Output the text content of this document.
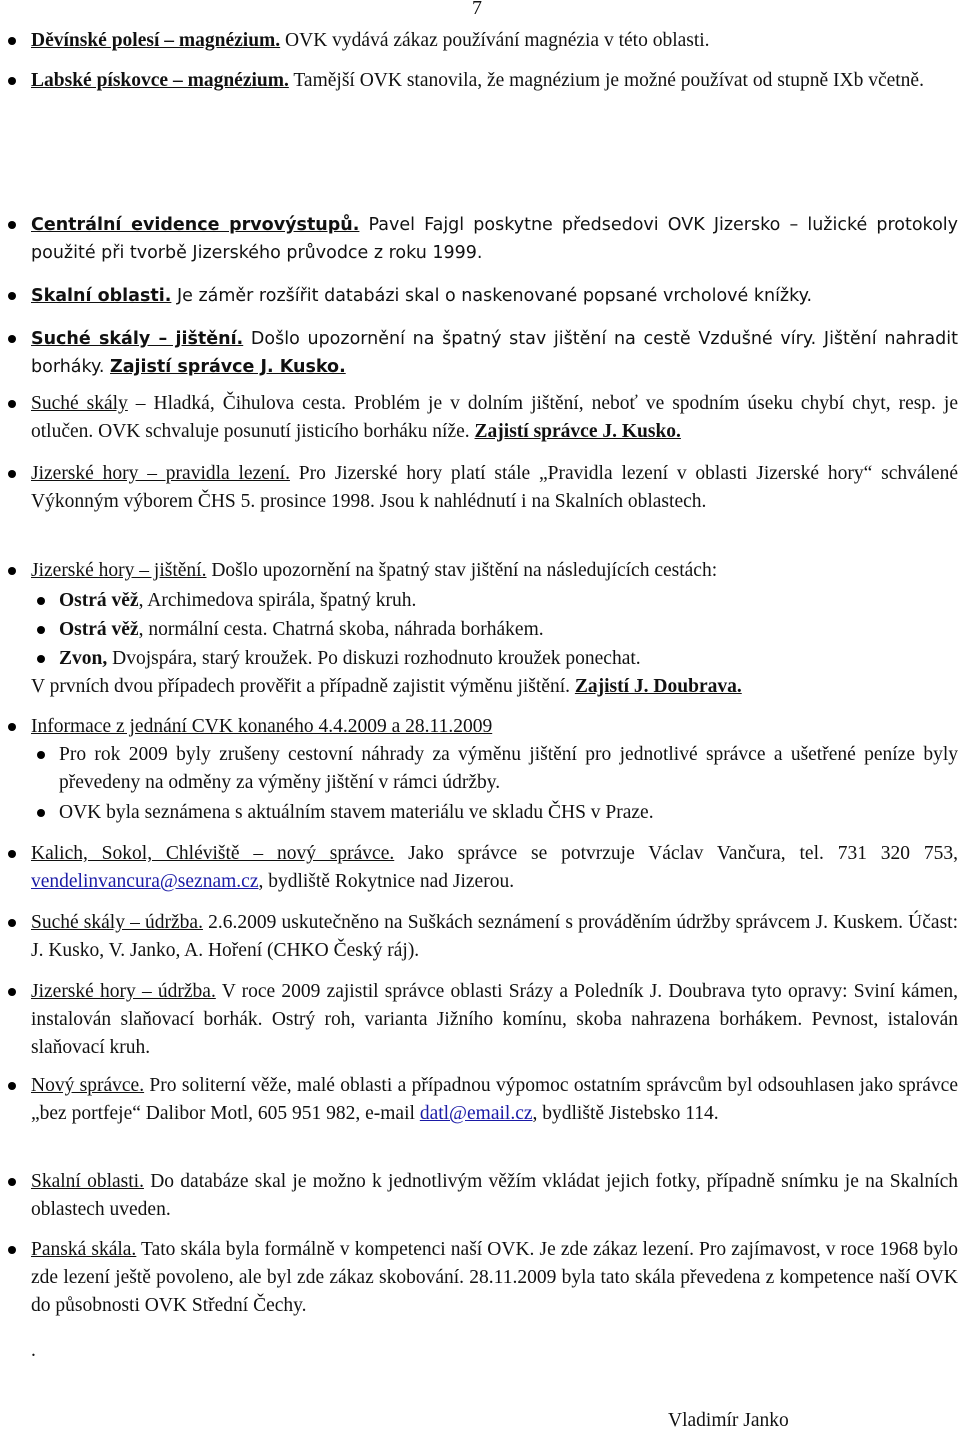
7
Děvínské polesí – magnézium. OVK vydává zákaz používání magnézia v této oblasti.
Labské pískovce – magnézium. Tamější OVK stanovila, že magnézium je možné používat od stupně IXb včetně.
Centrální evidence prvovýstupů. Pavel Fajgl poskytne předsedovi OVK Jizersko – lužické protokoly použité při tvorbě Jizerského průvodce z roku 1999.
Skalní oblasti. Je záměr rozšířit databázi skal o naskenované popsané vrcholové knížky.
Suché skály – jištění. Došlo upozornění na špatný stav jištění na cestě Vzdušné víry. Jištění nahradit borháky. Zajistí správce J. Kusko.
Suché skály – Hladká, Čihulova cesta. Problém je v dolním jištění, neboť ve spodním úseku chybí chyt, resp. je otlučen. OVK schvaluje posunutí jisticího borháku níže. Zajistí správce J. Kusko.
Jizerské hory – pravidla lezení. Pro Jizerské hory platí stále „Pravidla lezení v oblasti Jizerské hory“ schválené Výkonným výborem ČHS 5. prosince 1998. Jsou k nahlédnutí i na Skalních oblastech.
Jizerské hory – jištění. Došlo upozornění na špatný stav jištění na následujících cestách:
Ostrá věž, Archimedova spirála, špatný kruh.
Ostrá věž, normální cesta. Chatrná skoba, náhrada borhákem.
Zvon, Dvojspára, starý kroužek. Po diskuzi rozhodnuto kroužek ponechat.
V prvních dvou případech prověřit a případně zajistit výměnu jištění. Zajistí J. Doubrava.
Informace z jednání CVK konaného 4.4.2009 a 28.11.2009
Pro rok 2009 byly zrušeny cestovní náhrady za výměnu jištění pro jednotlivé správce a ušetřené peníze byly převedeny na odměny za výměny jištění v rámci údržby.
OVK byla seznámena s aktuálním stavem materiálu ve skladu ČHS v Praze.
Kalich, Sokol, Chléviště – nový správce. Jako správce se potvrzuje Václav Vančura, tel. 731 320 753, vendelinvancura@seznam.cz, bydliště Rokytnice nad Jizerou.
Suché skály – údržba. 2.6.2009 uskutečněno na Suškách seznámení s prováděním údržby správcem J. Kuskem. Účast: J. Kusko, V. Janko, A. Hoření (CHKO Český ráj).
Jizerské hory – údržba. V roce 2009 zajistil správce oblasti Srázy a Poledník J. Doubrava tyto opravy: Sviní kámen, instalován slaňovací borhák. Ostrý roh, varianta Jižního komínu, skoba nahrazena borhákem. Pevnost, istalován slaňovací kruh.
Nový správce. Pro soliterní věže, malé oblasti a případnou výpomoc ostatním správcům byl odsouhlasen jako správce „bez portfeje“ Dalibor Motl, 605 951 982, e-mail datl@email.cz, bydliště Jistebsko 114.
Skalní oblasti. Do databáze skal je možno k jednotlivým věžím vkládat jejich fotky, případně snímku je na Skalních oblastech uveden.
Panská skála. Tato skála byla formálně v kompetenci naší OVK. Je zde zákaz lezení. Pro zajímavost, v roce 1968 bylo zde lezení ještě povoleno, ale byl zde zákaz skobování. 28.11.2009 byla tato skála převedena z kompetence naší OVK do působnosti OVK Střední Čechy.
.
Vladimír Janko
